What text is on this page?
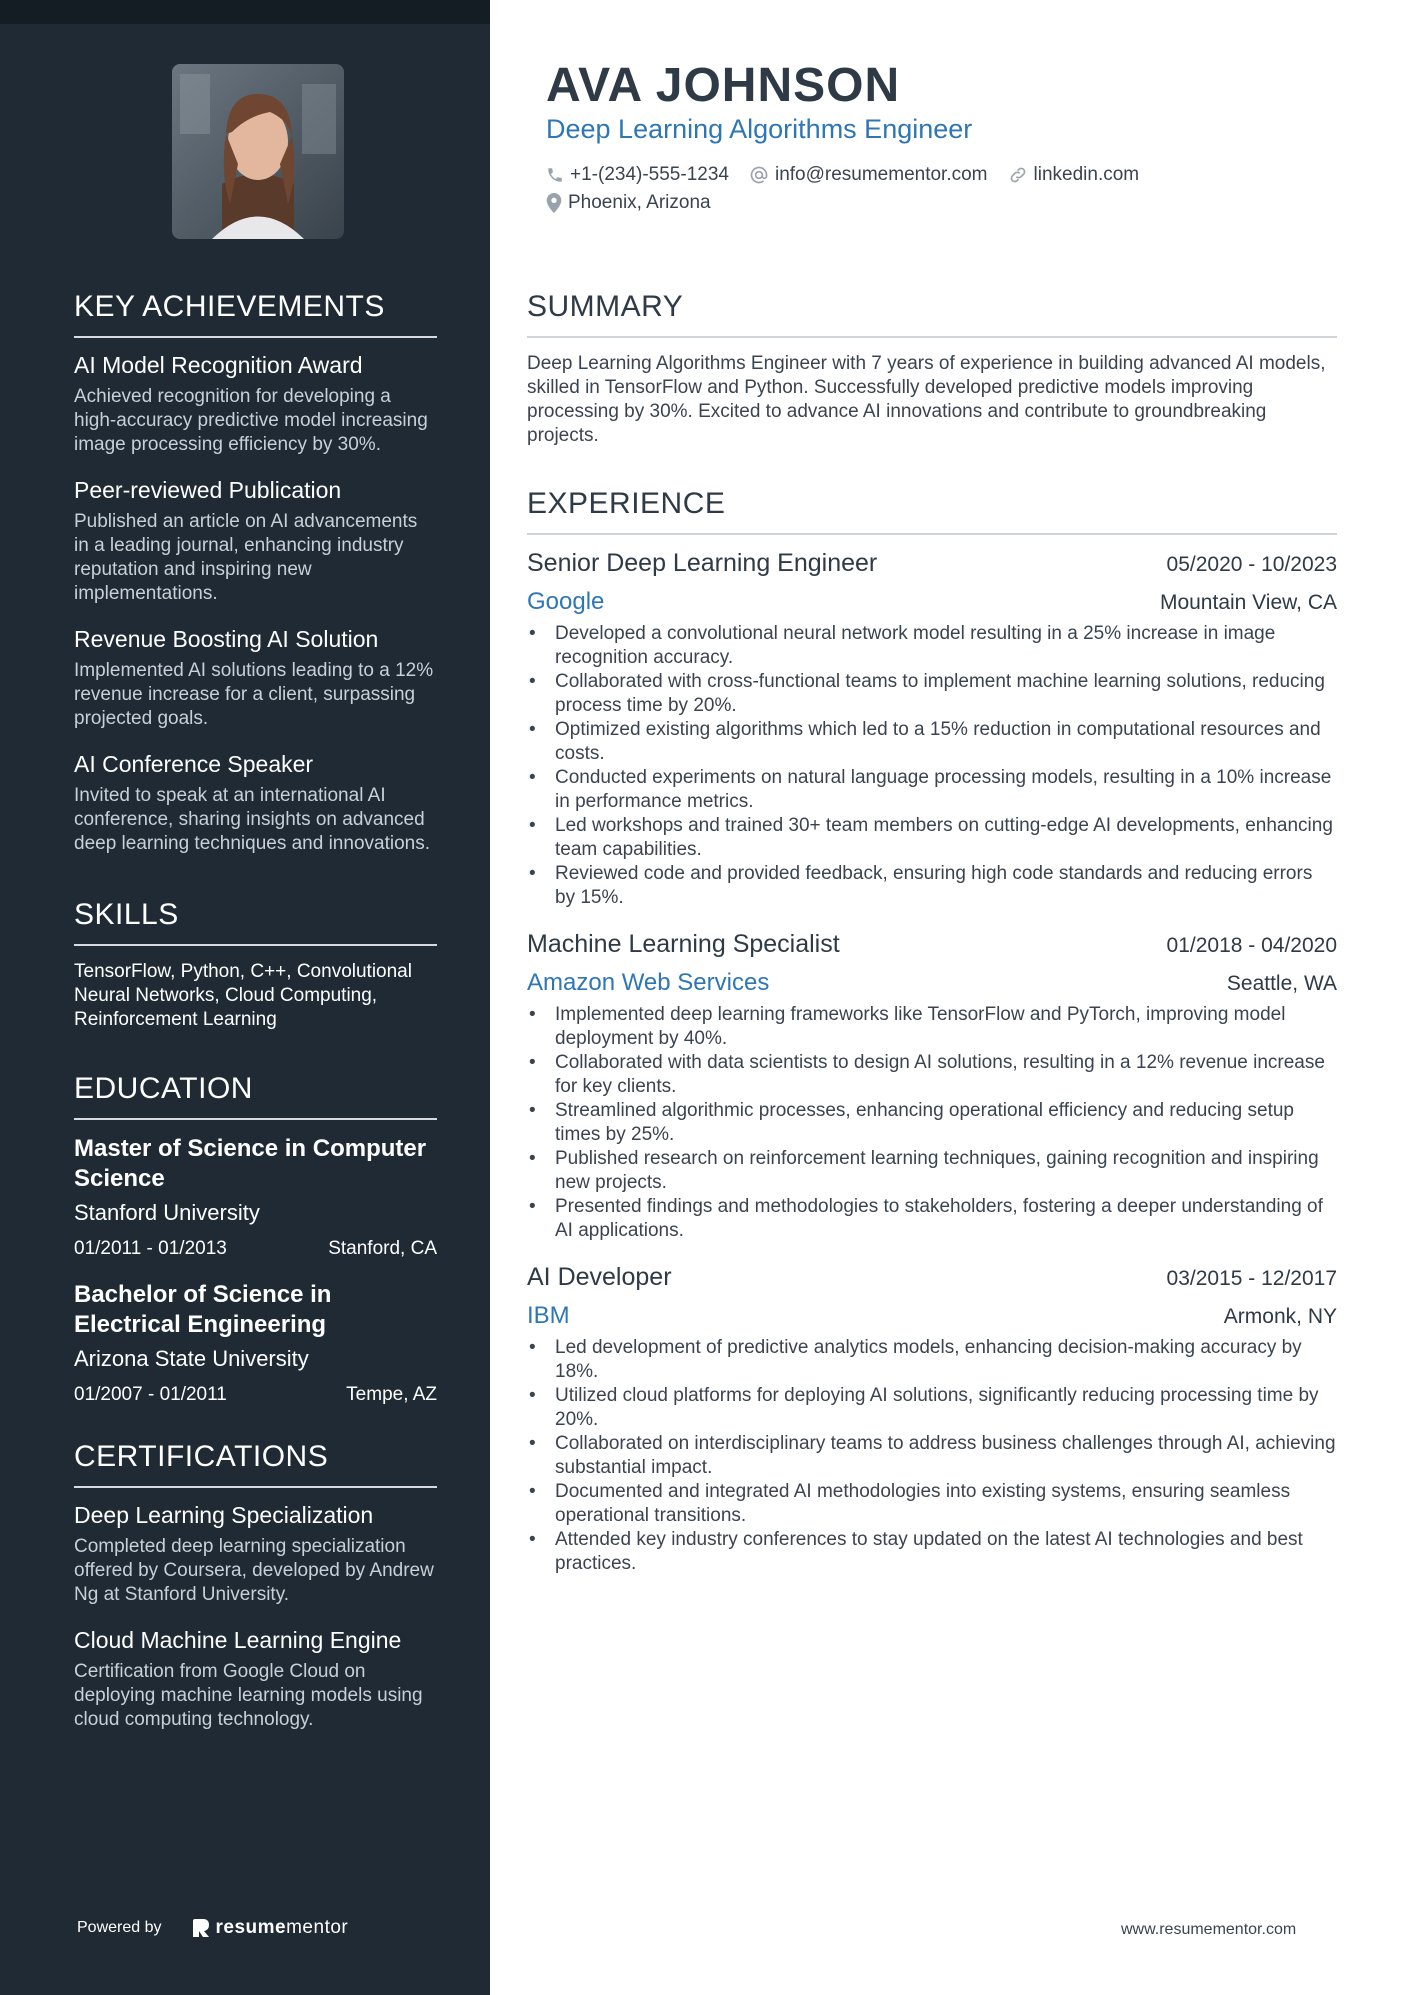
KEY ACHIEVEMENTS
AI Model Recognition Award
Achieved recognition for developing a high-accuracy predictive model increasing image processing efficiency by 30%.
Peer-reviewed Publication
Published an article on AI advancements in a leading journal, enhancing industry reputation and inspiring new implementations.
Revenue Boosting AI Solution
Implemented AI solutions leading to a 12% revenue increase for a client, surpassing projected goals.
AI Conference Speaker
Invited to speak at an international AI conference, sharing insights on advanced deep learning techniques and innovations.
SKILLS
TensorFlow, Python, C++, Convolutional Neural Networks, Cloud Computing, Reinforcement Learning
EDUCATION
Master of Science in Computer Science
Stanford University
01/2011 - 01/2013	Stanford, CA
Bachelor of Science in Electrical Engineering
Arizona State University
01/2007 - 01/2011	Tempe, AZ
CERTIFICATIONS
Deep Learning Specialization
Completed deep learning specialization offered by Coursera, developed by Andrew Ng at Stanford University.
Cloud Machine Learning Engine
Certification from Google Cloud on deploying machine learning models using cloud computing technology.
Powered by	resume mentor
AVA JOHNSON
Deep Learning Algorithms Engineer
+1-(234)-555-1234 info@resumementor.com linkedin.com
Phoenix, Arizona
SUMMARY

Deep Learning Algorithms Engineer with 7 years of experience in building advanced AI models, skilled in TensorFlow and Python. Successfully developed predictive models improving processing by 30%. Excited to advance AI innovations and contribute to groundbreaking projects.

EXPERIENCE
Senior Deep Learning Engineer	05/2020 - 10/2023
Google	Mountain View, CA
• Developed a convolutional neural network model resulting in a 25% increase in image recognition accuracy.
• Collaborated with cross-functional teams to implement machine learning solutions, reducing process time by 20%.
• Optimized existing algorithms which led to a 15% reduction in computational resources and costs.
• Conducted experiments on natural language processing models, resulting in a 10% increase in performance metrics.
• Led workshops and trained 30+ team members on cutting-edge AI developments, enhancing team capabilities.
• Reviewed code and provided feedback, ensuring high code standards and reducing errors by 15%.
Machine Learning Specialist	01/2018 - 04/2020
Amazon Web Services	Seattle, WA
• Implemented deep learning frameworks like TensorFlow and PyTorch, improving model deployment by 40%.
• Collaborated with data scientists to design AI solutions, resulting in a 12% revenue increase for key clients.
• Streamlined algorithmic processes, enhancing operational efficiency and reducing setup times by 25%.
• Published research on reinforcement learning techniques, gaining recognition and inspiring new projects.
• Presented findings and methodologies to stakeholders, fostering a deeper understanding of AI applications.
AI Developer	03/2015 - 12/2017
IBM	Armonk, NY
• Led development of predictive analytics models, enhancing decision-making accuracy by 18%.
• Utilized cloud platforms for deploying AI solutions, significantly reducing processing time by 20%.
• Collaborated on interdisciplinary teams to address business challenges through AI, achieving substantial impact.
• Documented and integrated AI methodologies into existing systems, ensuring seamless operational transitions.
• Attended key industry conferences to stay updated on the latest AI technologies and best practices.
www.resumementor.com
